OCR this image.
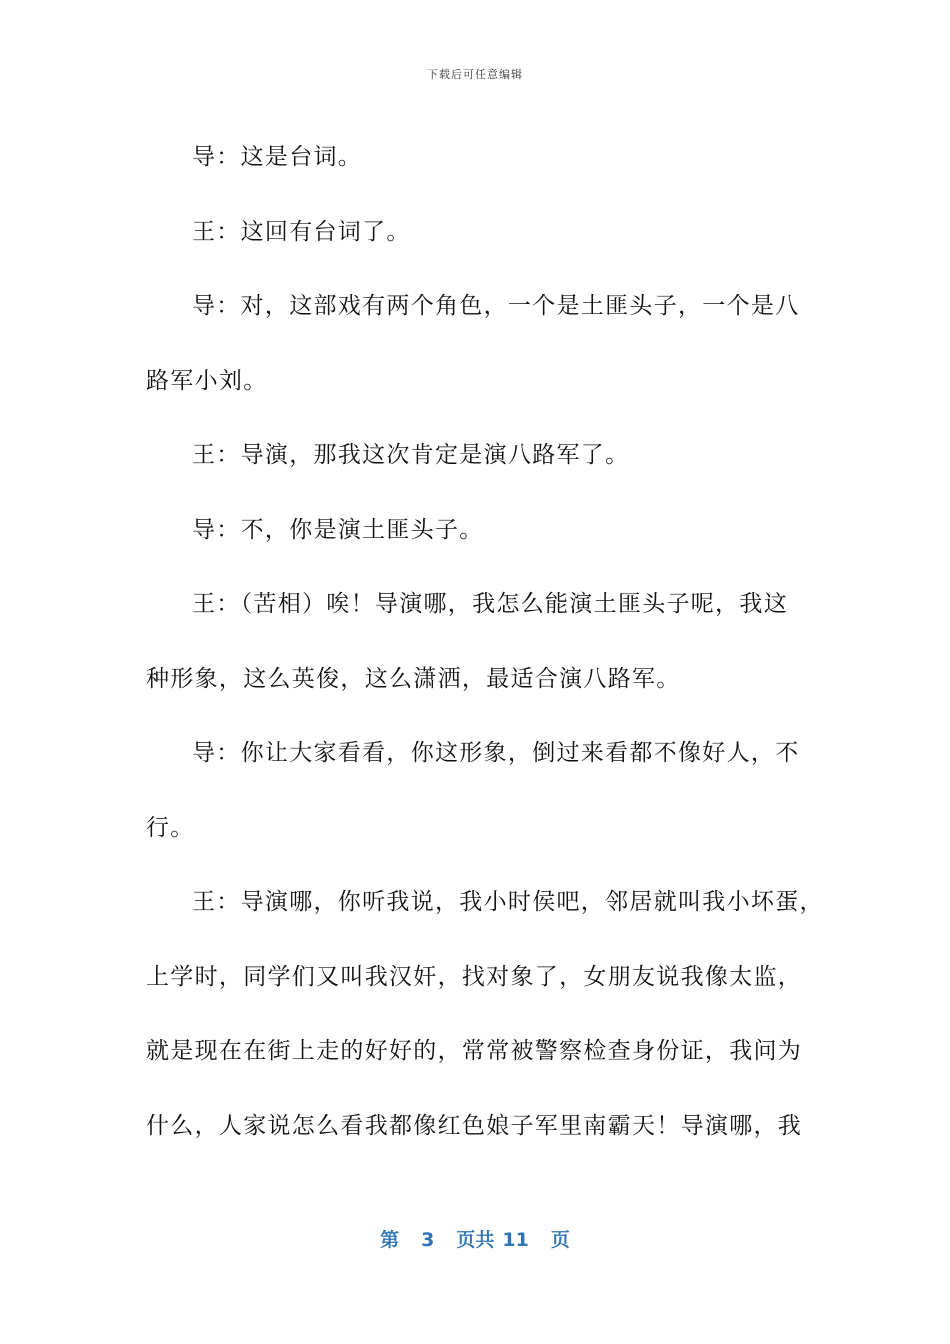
下载后可任意编辑
导：这是台词。
王：这回有台词了。
导：对，这部戏有两个角色，一个是土匪头子，一个是八
路军小刘。
王：导演，那我这次肯定是演八路军了。
导：不，你是演土匪头子。
王：（苦相）唉！导演哪，我怎么能演土匪头子呢，我这
种形象，这么英俊，这么潇洒，最适合演八路军。
导：你让大家看看，你这形象，倒过来看都不像好人，不
行。
王：导演哪，你听我说，我小时侯吧，邻居就叫我小坏蛋，
上学时，同学们又叫我汉奸，找对象了，女朋友说我像太监，
就是现在在街上走的好好的，常常被警察检查身份证，我问为
什么，人家说怎么看我都像红色娘子军里南霸天！导演哪，我
第 3 页共 11 页
